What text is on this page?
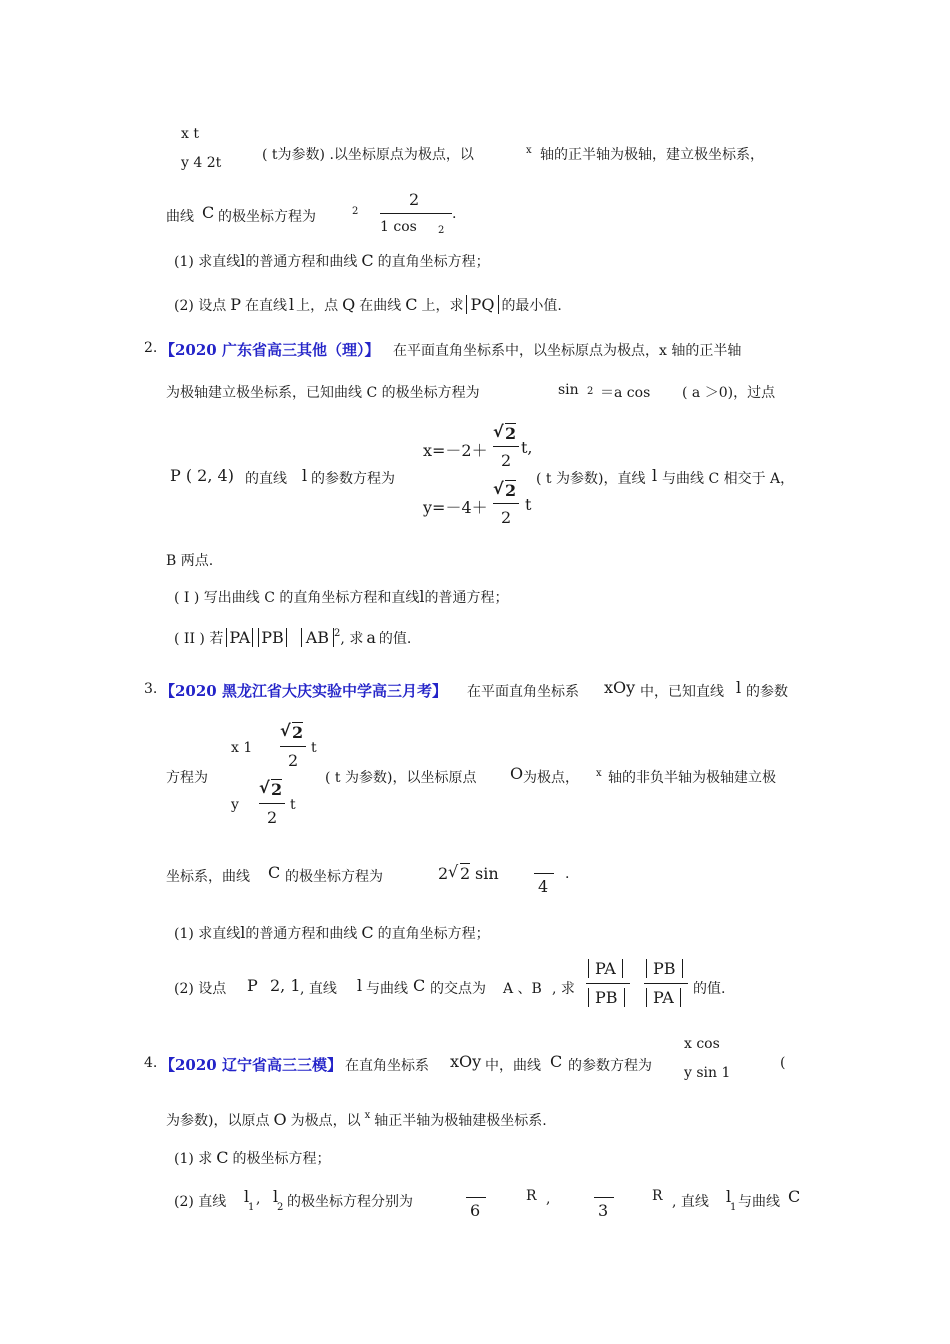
x t
y 4 2t	( t为参数) .以坐标原点为极点，以	x 轴的正半轴为极轴，建立极坐标系，
曲线 C 的极坐标方程为	2
2
1 cos 2
.
(1) 求直线l的普通方程和曲线 C 的直角坐标方程；
(2) 设点 P 在直线 l 上，点 Q 在曲线 C 上，求 PQ 的最小值.
2. 【2020 广东省高三其他（理）】 在平面直角坐标系中，以坐标原点为极点，x 轴的正半轴
为极轴建立极坐标系，已知曲线 C 的极坐标方程为	sin 2 ＝a cos ( a ＞0)，过点
x=－2＋
√ 2
2
t,
y=－4＋
√ 2
2
t
P ( 2, 4) 的直线 l 的参数方程为	( t 为参数)，直线 l 与曲线 C 相交于 A，
B 两点.
( I ) 写出曲线 C 的直角坐标方程和直线l的普通方程；
( II ) 若 PA PB AB $^2$, 求 a 的值.
3. 【2020 黑龙江省大庆实验中学高三月考】 在平面直角坐标系 xOy 中，已知直线 l 的参数
x 1
√ 2
2
t
方程为	( t 为参数)，以坐标原点 O 为极点， x 轴的非负半轴为极轴建立极
y
√ 2
2
t
坐标系，曲线 C 的极坐标方程为	2 √ 2 sin
4
.
(1) 求直线l的普通方程和曲线 C 的直角坐标方程；
(2) 设点 P 2, 1 , 直线 l 与曲线 C 的交点为 A 、B , 求
PA
PB
PB
PA	的值.
4. 【2020 辽宁省高三三模】 在直角坐标系 xOy 中，曲线 C 的参数方程为
x cos
y sin 1
(
为参数)，以原点 O 为极点，以 $^x$ 轴正半轴为极轴建极坐标系.
(1) 求 C 的极坐标方程；
(2) 直线 l
1
, l
2 的极坐标方程分别为	6
R ,
3
R , 直线 l
1 与曲线 C
